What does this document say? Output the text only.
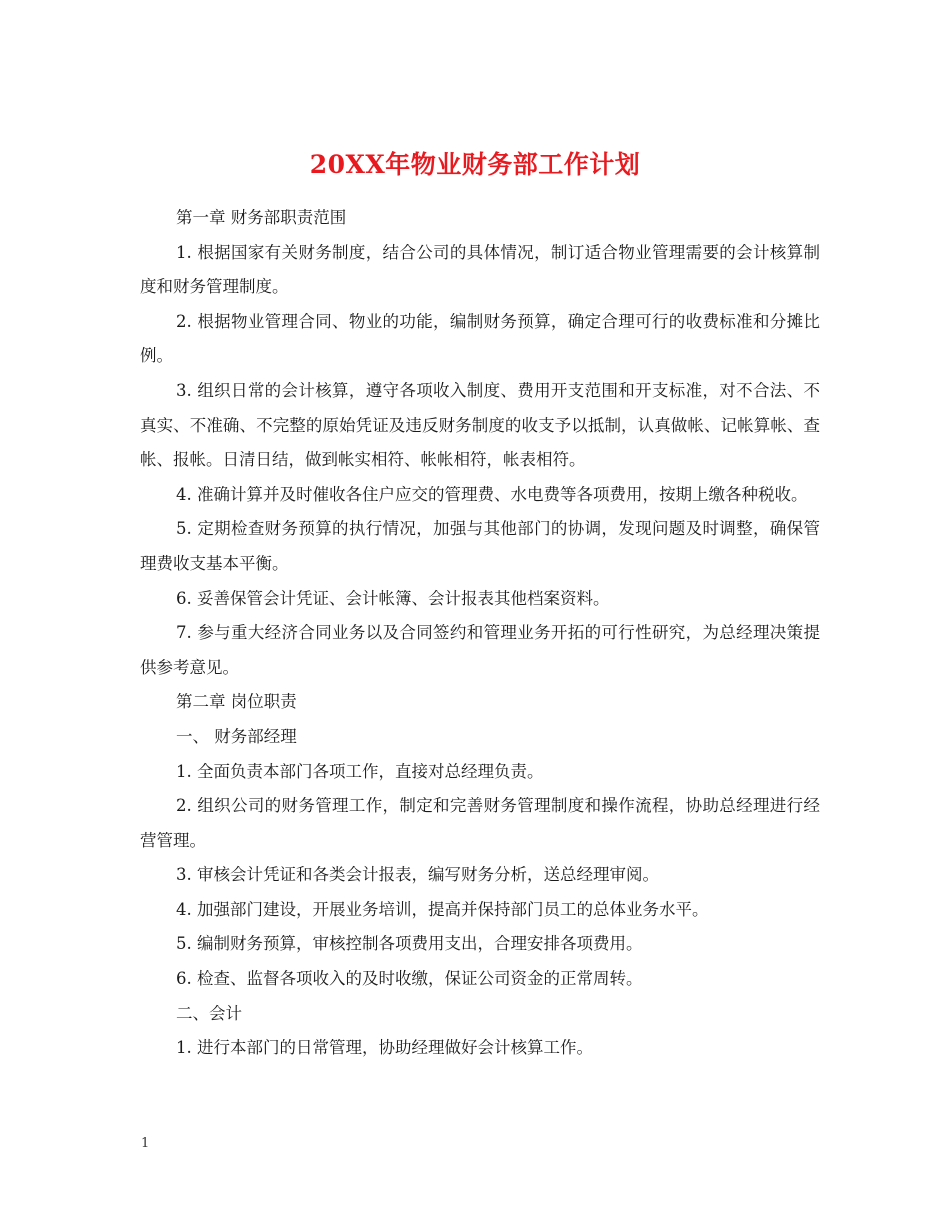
20XX年物业财务部工作计划

第一章 财务部职责范围

1. 根据国家有关财务制度，结合公司的具体情况，制订适合物业管理需要的会计核算制度和财务管理制度。

2. 根据物业管理合同、物业的功能，编制财务预算，确定合理可行的收费标准和分摊比例。

3. 组织日常的会计核算，遵守各项收入制度、费用开支范围和开支标准，对不合法、不真实、不准确、不完整的原始凭证及违反财务制度的收支予以抵制，认真做帐、记帐算帐、查帐、报帐。日清日结，做到帐实相符、帐帐相符，帐表相符。

4. 准确计算并及时催收各住户应交的管理费、水电费等各项费用，按期上缴各种税收。

5. 定期检查财务预算的执行情况，加强与其他部门的协调，发现问题及时调整，确保管理费收支基本平衡。

6. 妥善保管会计凭证、会计帐簿、会计报表其他档案资料。

7. 参与重大经济合同业务以及合同签约和管理业务开拓的可行性研究，为总经理决策提供参考意见。

第二章 岗位职责

一、 财务部经理

1. 全面负责本部门各项工作，直接对总经理负责。

2. 组织公司的财务管理工作，制定和完善财务管理制度和操作流程，协助总经理进行经营管理。

3. 审核会计凭证和各类会计报表，编写财务分析，送总经理审阅。

4. 加强部门建设，开展业务培训，提高并保持部门员工的总体业务水平。

5. 编制财务预算，审核控制各项费用支出，合理安排各项费用。

6. 检查、监督各项收入的及时收缴，保证公司资金的正常周转。

二、会计

1. 进行本部门的日常管理，协助经理做好会计核算工作。

1
